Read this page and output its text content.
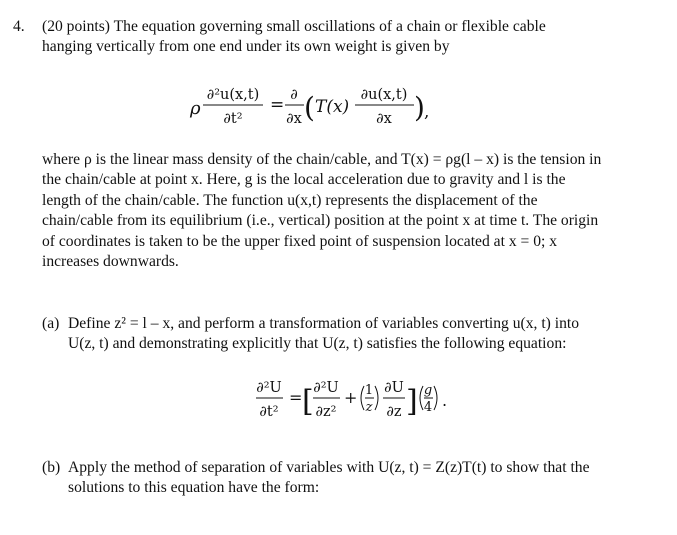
4. (20 points) The equation governing small oscillations of a chain or flexible cable
hanging vertically from one end under its own weight is given by
ρ
∂²u(x,t)
∂t²
= ∂
∂x ( T(x)
∂u(x,t)
∂x ) ,
where ρ is the linear mass density of the chain/cable, and T(x) = ρg(l – x) is the tension in
the chain/cable at point x. Here, g is the local acceleration due to gravity and l is the
length of the chain/cable. The function u(x,t) represents the displacement of the
chain/cable from its equilibrium (i.e., vertical) position at the point x at time t. The origin
of coordinates is taken to be the upper fixed point of suspension located at x = 0; x
increases downwards.
(a) Define z² = l – x, and perform a transformation of variables converting u(x, t) into
U(z, t) and demonstrating explicitly that U(z, t) satisfies the following equation:
∂²U
∂t²
= [ ∂²U
∂z²
+ 1
z
∂U
∂z ] g
4 .
(b) Apply the method of separation of variables with U(z, t) = Z(z)T(t) to show that the
solutions to this equation have the form:
